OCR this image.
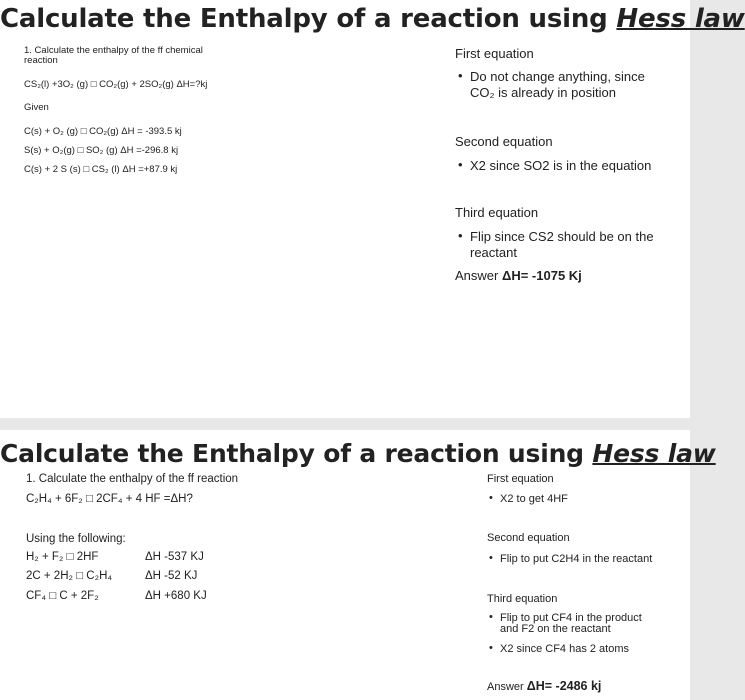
Calculate the Enthalpy of a reaction using Hess law
1. Calculate the enthalpy of the ff chemical
reaction
CS₂(l) +3O₂ (g) □ CO₂(g) + 2SO₂(g) ΔH=?kj
Given
C(s) + O₂ (g) □ CO₂(g) ΔH = -393.5 kj
S(s) + O₂(g) □ SO₂ (g) ΔH =-296.8 kj
C(s) + 2 S (s) □ CS₂ (l) ΔH =+87.9 kj
First equation
• Do not change anything, since
CO₂ is already in position
Second equation
• X2 since SO2 is in the equation
Third equation
• Flip since CS2 should be on the
reactant
Answer ΔH= -1075 Kj
Calculate the Enthalpy of a reaction using Hess law
1. Calculate the enthalpy of the ff reaction
C₂H₄ + 6F₂ □ 2CF₄ + 4 HF =ΔH?
Using the following:
H₂ + F₂ □ 2HF	ΔH -537 KJ
2C + 2H₂ □ C₂H₄	ΔH -52 KJ
CF₄ □ C + 2F₂	ΔH +680 KJ
First equation
• X2 to get 4HF
Second equation
• Flip to put C2H4 in the reactant
Third equation
• Flip to put CF4 in the product
and F2 on the reactant
• X2 since CF4 has 2 atoms
Answer ΔH= -2486 kj
